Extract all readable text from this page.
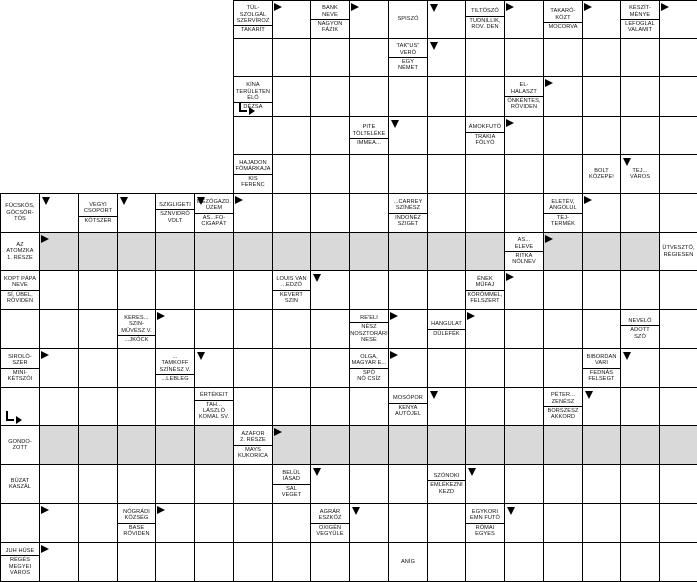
TÜL-
SZOLGÁL
SZERVÍROZ
TAKARÍT
BANK
NEVE
NAGYON
FÁZIK
SPISZÓ
TILTÓSZÓ
TUDNILLIK,
ROV. DEN
TAKARÓ-
KÖZT
MOCORVA
KÉSZÍT-
MÉNYE
LEFOGLAL
VALAMIT
TAK"US"
VERŐ
EGY
NÉMET
KÍNA
TERÜLETEN
ÉLŐ
DÉZSA
EL-
HALASZT
ÖNKÉNTES,
RÖVIDEN
PITE
TÖLTELÉKE
IMMEA...
ÁMOKFUTÓ
TRAKIA
FÖLYÓ
HAJADON
FÖMÁRKAJA
KIS
FERENC
BOLT
KÖZEPE!
TEJ...
VÁROS
FÜCSKÖS,
GÖCSÖR-
TÖS
VEGYI
CSOPORT
KÖTSZER
SZIGLIGETI
SZNVIDRÓ
VOLT
MEZŐGAZD.
ÜZEM
AS...FO-
CIGAPÁT
...CARREY
SZÍNÉSZ
INDONÉZ
SZIGET
ELETÉV,
ANGOLUL
TEJ-
TERMÉK
AZ
ATOMZKA
1. RÉSZE
AS...
ELEVE
RITKA
NŐLNEV
ÜTVESZTŐ,
RÉGIESEN
KOPT PÁPA
NEVE
SÍ, ÜBEL,
RÖVIDEN
LOUIS VAN
...EDZŐ
KEVERT
SZIN
ÉNEK
MŰFAJ
KÖRÖMMEL,
FELSZERT
KERES...
SZIN-
MŰVÉSZ V.
...JKÓCK
RE'ELI
NÉSZ
NOSZTORÁRI
NESE
HANGULAT
DÜLEFÉK
NEVELŐ
ADOTT
SZÓ
SIROLÓ-
SZER
MINI-
KÉTSZÓI
...
TAMKOFF
SZÍNÉSZ V.
...LEBLEG
OLGA,
MAGYAR E...
SPÓ
NÓ CSÍZ
BIBORDAN
VARI
FEDNÁS
FELSEGT
ÉRTÉKEIT
TAH...
LÁSZLÓ
KOMAL SV.
MOSÓPOR
KENYA
AUTÓJEL
PÉTER...
ZENÉSZ
BORSZESZ
AKKORD
GONDO-
ZOTT
AZAFOR
2. RÉSZE
MAYS
KUKORICA
BÚZAT
KASZÁL
BELÜL
IÁSAD
SAL
VEGET
SZÓNOKI
EMLÉKEZNI
KEZD
NÓGRÁDI
KÖZSÉG
BASE
RÖVIDEN
AGRÁR
ESZKÖZ
OXIGÉN
VEGYÜLE
EGYKORI
EMN FUTÓ
RÓMAI
EGYES
JUH HÚSE
RÉGÉS
MEGYEI
VÁROS
ANÍG
